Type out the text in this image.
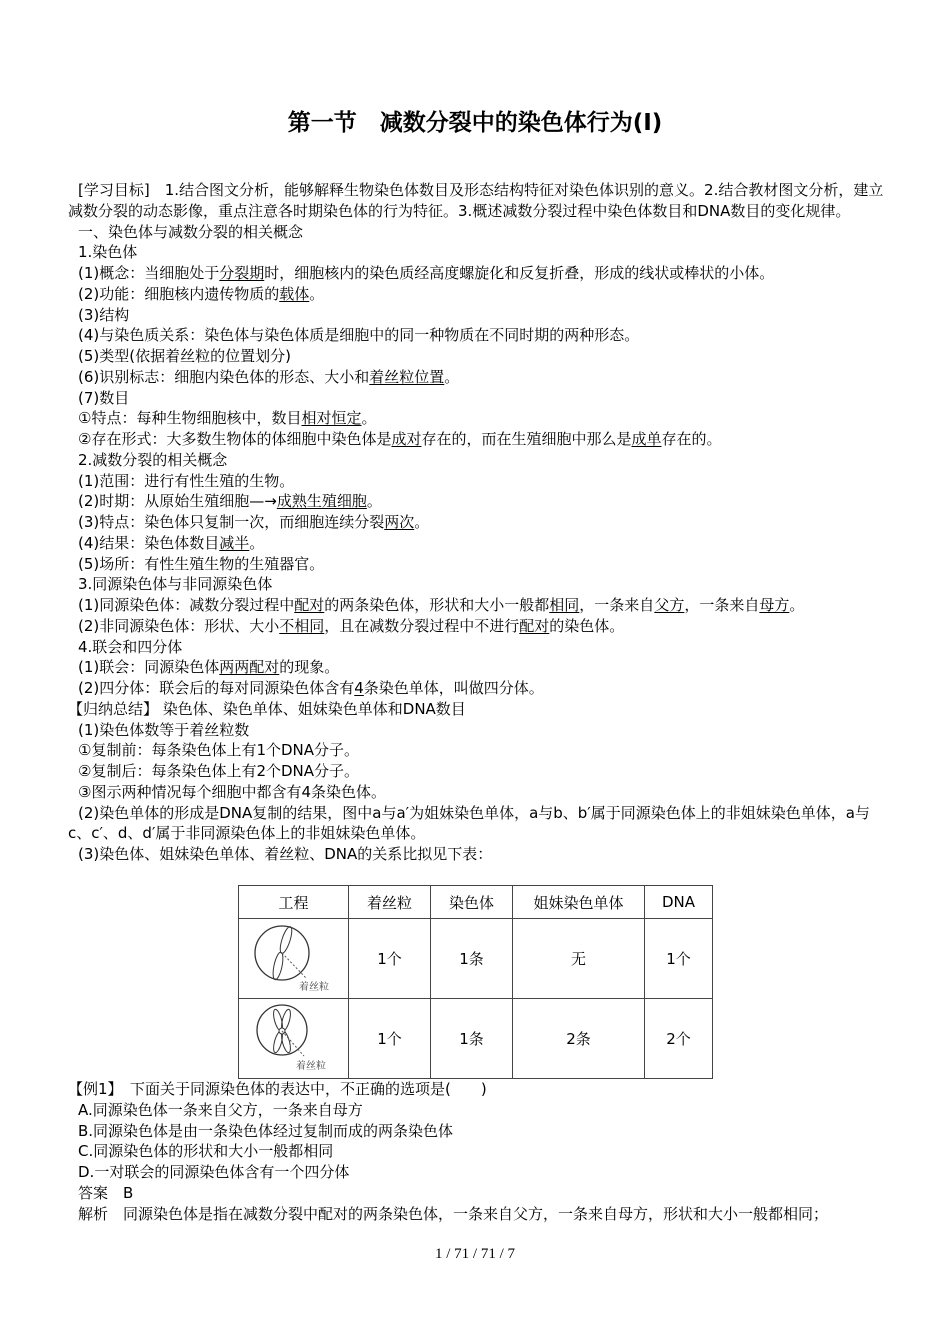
第一节　减数分裂中的染色体行为(Ⅰ)
[学习目标]　1.结合图文分析，能够解释生物染色体数目及形态结构特征对染色体识别的意义。2.结合教材图文分析，建立减数分裂的动态影像，重点注意各时期染色体的行为特征。3.概述减数分裂过程中染色体数目和DNA数目的变化规律。
一、染色体与减数分裂的相关概念
1.染色体
(1)概念：当细胞处于分裂期时，细胞核内的染色质经高度螺旋化和反复折叠，形成的线状或棒状的小体。
(2)功能：细胞核内遗传物质的载体。
(3)结构
(4)与染色质关系：染色体与染色体质是细胞中的同一种物质在不同时期的两种形态。
(5)类型(依据着丝粒的位置划分)
(6)识别标志：细胞内染色体的形态、大小和着丝粒位置。
(7)数目
①特点：每种生物细胞核中，数目相对恒定。
②存在形式：大多数生物体的体细胞中染色体是成对存在的，而在生殖细胞中那么是成单存在的。
2.减数分裂的相关概念
(1)范围：进行有性生殖的生物。
(2)时期：从原始生殖细胞—→成熟生殖细胞。
(3)特点：染色体只复制一次，而细胞连续分裂两次。
(4)结果：染色体数目减半。
(5)场所：有性生殖生物的生殖器官。
3.同源染色体与非同源染色体
(1)同源染色体：减数分裂过程中配对的两条染色体，形状和大小一般都相同，一条来自父方，一条来自母方。
(2)非同源染色体：形状、大小不相同，且在减数分裂过程中不进行配对的染色体。
4.联会和四分体
(1)联会：同源染色体两两配对的现象。
(2)四分体：联会后的每对同源染色体含有4条染色单体，叫做四分体。
【归纳总结】 染色体、染色单体、姐妹染色单体和DNA数目
(1)染色体数等于着丝粒数
①复制前：每条染色体上有1个DNA分子。
②复制后：每条染色体上有2个DNA分子。
③图示两种情况每个细胞中都含有4条染色体。
(2)染色单体的形成是DNA复制的结果，图中a与a′为姐妹染色单体，a与b、b′属于同源染色体上的非姐妹染色单体，a与c、c′、d、d′属于非同源染色体上的非姐妹染色单体。
(3)染色体、姐妹染色单体、着丝粒、DNA的关系比拟见下表：
工程	着丝粒	染色体	姐妹染色单体	DNA

着丝粒	1个	1条	无	1个

着丝粒	1个	1条	2条	2个
【例1】　下面关于同源染色体的表达中，不正确的选项是(　　)
A.同源染色体一条来自父方，一条来自母方
B.同源染色体是由一条染色体经过复制而成的两条染色体
C.同源染色体的形状和大小一般都相同
D.一对联会的同源染色体含有一个四分体
答案　B
解析　同源染色体是指在减数分裂中配对的两条染色体，一条来自父方，一条来自母方，形状和大小一般都相同；
1 / 71 / 71 / 7
